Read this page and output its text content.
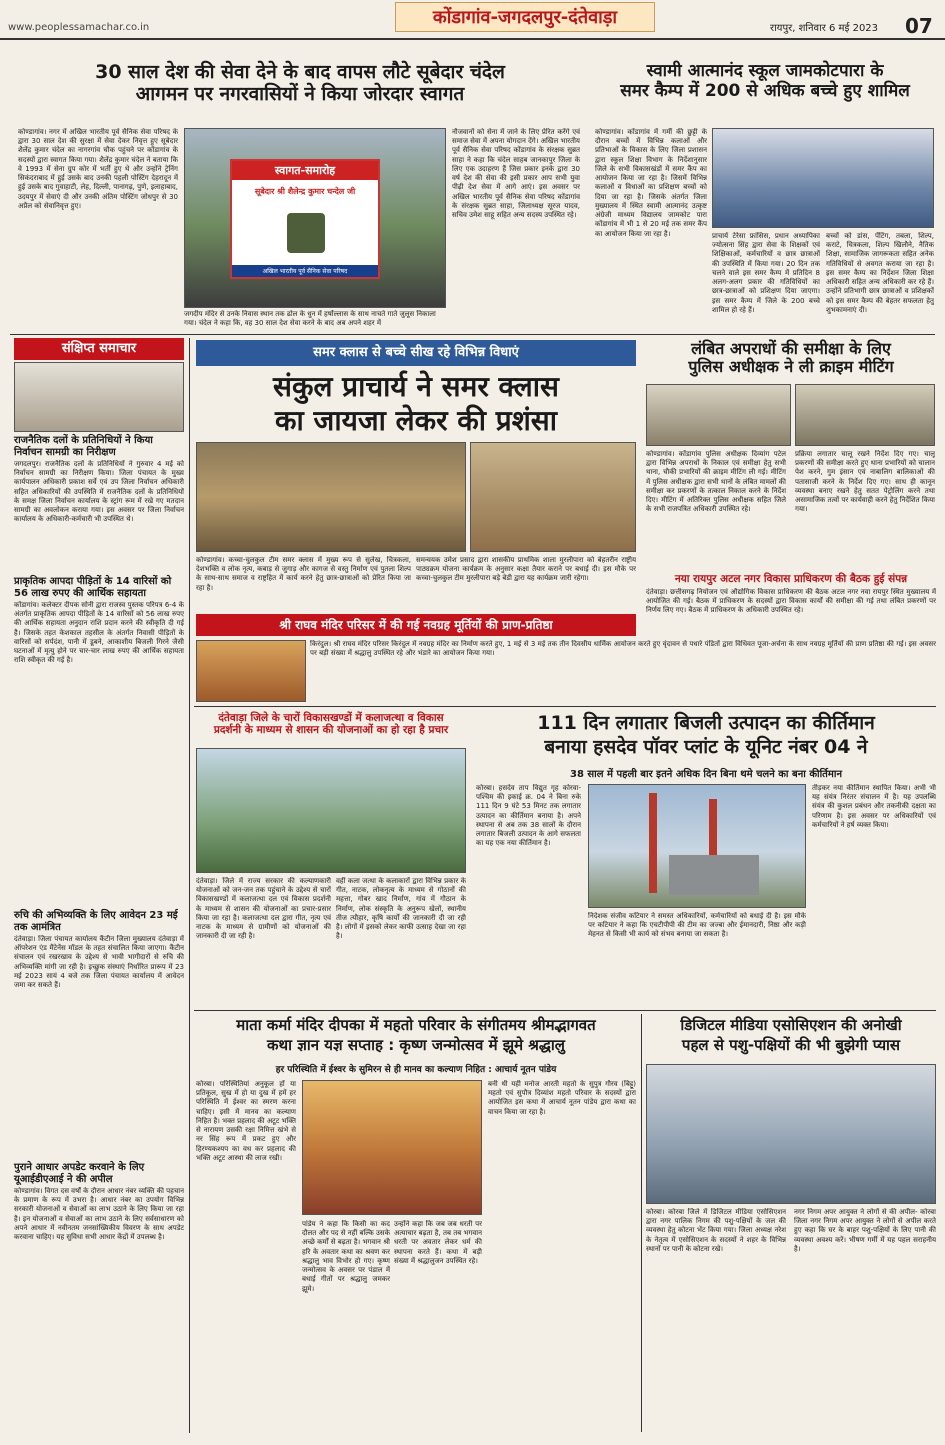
www.peoplessamachar.co.in	कोंडागांव-जगदलपुर-दंतेवाड़ा
रायपुर, शनिवार 6 मई 2023 07
30 साल देश की सेवा देने के बाद वापस लौटे सूबेदार चंदेल
आगमन पर नगरवासियों ने किया जोरदार स्वागत
कोण्डागांव। नगर में अखिल भारतीय पूर्व सैनिक सेवा परिषद के द्वारा 30 साल देश की सुरक्षा में सेवा देकर निवृत्त हुए सूबेदार शैलेंद्र कुमार चंदेल का नागरगांव चौक पहुंचने पर कोंडागांव के सदस्यों द्वारा स्वागत किया गया। शैलेंद्र कुमार चंदेल ने बताया कि वे 1993 में सेना ग्रुप कोर में भर्ती हुए थे और उन्होंने ट्रेनिंग सिकंदराबाद में हुई उसके बाद उनकी पहली पोस्टिंग देहरादून में हुई उसके बाद गुवाहाटी, लेह, दिल्ली, पानागढ़, पुणे, इलाहाबाद, उदयपुर में सेवाएं दी और उनकी अंतिम पोस्टिंग जोधपुर से 30 अप्रैल को सेवानिवृत्त हुए।
स्वागत-समारोह
सूबेदार श्री शैलेन्द्र कुमार चन्देल जी
अखिल भारतीय पूर्व सैनिक सेवा परिषद
जगदीप मंदिर से उनके निवास स्थान तक ढोल के धुन में हर्षोल्लास के साथ नाचते गाते जुलूस निकाला गया। चंदेल ने कहा कि, वह 30 साल देश सेवा करने के बाद अब अपने शहर में
नौजवानों को सेना में जाने के लिए प्रेरित करेंगे एवं समाज सेवा में अपना योगदान देंगे। अखिल भारतीय पूर्व सैनिक सेवा परिषद कोंडागांव के संरक्षक सुब्रत साहा ने कहा कि चंदेल साहब जानकापुर जिला के लिए एक उदाहरण हैं जिस प्रकार इनके द्वारा 30 वर्ष देश की सेवा की इसी प्रकार आप सभी युवा पीढ़ी देश सेवा में आगे आएं। इस अवसर पर अखिल भारतीय पूर्व सैनिक सेवा परिषद कोंडागांव के संरक्षक सुब्रत साहा, जिलाध्यक्ष सूरज यादव, सचिव उमेश साहू सहित अन्य सदस्य उपस्थित रहे।
स्वामी आत्मानंद स्कूल जामकोटपारा के
समर कैम्प में 200 से अधिक बच्चे हुए शामिल
कोण्डागांव। कोंडागांव में गर्मी की छुट्टी के दौरान बच्चों में विभिन्न कलाओं और प्रतिभाओं के विकास के लिए जिला प्रशासन द्वारा स्कूल शिक्षा विभाग के निर्देशानुसार जिले के सभी विकासखंडों में समर कैंप का आयोजन किया जा रहा है। जिसमें विभिन्न कलाओं व विधाओं का प्रशिक्षण बच्चों को दिया जा रहा है। जिसके अंतर्गत जिला मुख्यालय में स्थित स्वामी आत्मानंद उत्कृष्ट अंग्रेजी माध्यम विद्यालय जामकोट पारा कोंडागांव में भी 1 से 20 मई तक समर कैंप का आयोजन किया जा रहा है।	प्राचार्य टेरेसा फ्रांसिस, प्रधान अध्यापिका ज्योत्सना सिंह द्वारा सेवा के शिक्षकों एवं शिक्षिकाओं, कर्मचारियों व छात्र छात्राओं की उपस्थिति में किया गया। 20 दिन तक चलने वाले इस समर कैम्प में प्रतिदिन 8 अलग-अलग प्रकार की गतिविधियों का छात्र-छात्राओं को प्रशिक्षण दिया जाएगा। इस समर कैम्प में जिले के 200 बच्चे शामिल हो रहे हैं।
बच्चों को डांस, पेंटिंग, तबला, शिल्प, कराटे, चित्रकला, शिल्प खिलौने, नैतिक शिक्षा, सामाजिक जागरूकता सहित अनेक गतिविधियों से अवगत कराया जा रहा है। इस समर कैम्प का निर्देशन जिला शिक्षा अधिकारी सहित अन्य अधिकारी कर रहे हैं। उन्होंने प्रतिभागी छात्र छात्राओं व प्रशिक्षकों को इस समर कैम्प की बेहतर सफलता हेतु शुभकामनाएं दी।
संक्षिप्त समाचार
राजनैतिक दलों के प्रतिनिधियों ने किया निर्वाचन सामग्री का निरीक्षण
जगदलपुर। राजनैतिक दलों के प्रतिनिधियों ने गुरुवार 4 मई को निर्वाचन सामग्री का निरीक्षण किया। जिला पंचायत के मुख्य कार्यपालन अधिकारी प्रकाश सर्वे एवं उप जिला निर्वाचन अधिकारी सहित अधिकारियों की उपस्थिति में राजनैतिक दलों के प्रतिनिधियों के समक्ष जिला निर्वाचन कार्यालय के स्ट्रांग रूम में रखे गए मतदान सामग्री का अवलोकन कराया गया। इस अवसर पर जिला निर्वाचन कार्यालय के अधिकारी-कर्मचारी भी उपस्थित थे।
प्राकृतिक आपदा पीड़ितों के 14 वारिसों को 56 लाख रुपए की आर्थिक सहायता
कोंडागांव। कलेक्टर दीपक सोनी द्वारा राजस्व पुस्तक परिपत्र 6-4 के अंतर्गत प्राकृतिक आपदा पीड़ितों के 14 वारिसों को 56 लाख रुपए की आर्थिक सहायता अनुदान राशि प्रदान करने की स्वीकृति दी गई है। जिसके तहत केशकाल तहसील के अंतर्गत निवासी पीड़ितों के वारिसों को सर्पदंश, पानी में डूबने, आकाशीय बिजली गिरने जैसी घटनाओं में मृत्यु होने पर चार-चार लाख रुपए की आर्थिक सहायता राशि स्वीकृत की गई है।
रुचि की अभिव्यक्ति के लिए आवेदन 23 मई तक आमंत्रित
दंतेवाड़ा। जिला पंचायत कार्यालय कैंटीन जिला मुख्यालय दंतेवाड़ा में ऑपरेशन एंड मैंटेनेंस मॉडल के तहत संचालित किया जाएगा। कैंटीन संचालन एवं रखरखाव के उद्देश्य से भावी भागीदारों से रुचि की अभिव्यक्ति मांगी जा रही है। इच्छुक संस्थाएं निर्धारित प्रारूप में 23 मई 2023 सायं 4 बजे तक जिला पंचायत कार्यालय में आवेदन जमा कर सकते हैं।
पुराने आधार अपडेट करवाने के लिए यूआईडीएआई ने की अपील
कोण्डागांव। विगत दस वर्षों के दौरान आधार नंबर व्यक्ति की पहचान के प्रमाण के रूप में उभरा है। आधार नंबर का उपयोग विभिन्न सरकारी योजनाओं व सेवाओं का लाभ उठाने के लिए किया जा रहा है। इन योजनाओं व सेवाओं का लाभ उठाने के लिए सर्वसाधारण को अपने आधार में नवीनतम जनसांख्यिकीय विवरण के साथ अपडेट करवाना चाहिए। यह सुविधा सभी आधार केंद्रों में उपलब्ध है।
समर क्लास से बच्चे सीख रहे विभिन्न विधाएं
संकुल प्राचार्य ने समर क्लास
का जायजा लेकर की प्रशंसा
कोण्डागांव। कच्चा-चुलकुल टीम समर क्लास में मुख्य रूप से सुलेख, चित्रकला, देशभक्ति व लोक नृत्य, कबाड़ से जुगाड़ और कागज से वस्तु निर्माण एवं पुतला शिल्प के साथ-साथ समाज व राष्ट्रहित में कार्य करने हेतु छात्र-छात्राओं को प्रेरित किया जा रहा है।
समन्वयक उमेश प्रसाद द्वारा शासकीय प्राथमिक शाला मुरलीपारा को बेहतरीन राष्ट्रीय पाठ्यक्रम योजना कार्यक्रम के अनुसार कक्षा तैयार कराने पर बधाई दी। इस मौके पर कच्चा-चुलकुल टीम मुरलीपारा बड़े बेडी द्वारा यह कार्यक्रम जारी रहेगा।
लंबित अपराधों की समीक्षा के लिए
पुलिस अधीक्षक ने ली क्राइम मीटिंग
कोण्डागांव। कोंडागांव पुलिस अधीक्षक दिव्यांग पटेल द्वारा विभिन्न अपराधों के निकाल एवं समीक्षा हेतु सभी थाना, चौकी प्रभारियों की क्राइम मीटिंग ली गई। मीटिंग में पुलिस अधीक्षक द्वारा सभी थानों के लंबित मामलों की समीक्षा कर प्रकरणों के तत्काल निकाल करने के निर्देश दिए। मीटिंग में अतिरिक्त पुलिस अधीक्षक सहित जिले के सभी राजपत्रित अधिकारी उपस्थित रहे।
प्रक्रिया लगातार चालू रखने निर्देश दिए गए। चालू प्रकरणों की समीक्षा करते हुए थाना प्रभारियों को चालान पेश करने, गुम इंसान एवं नाबालिग बालिकाओं की पतासाजी करने के निर्देश दिए गए। साथ ही कानून व्यवस्था बनाए रखने हेतु सतत पेट्रोलिंग करने तथा असामाजिक तत्वों पर कार्यवाही करने हेतु निर्देशित किया गया।
नया रायपुर अटल नगर विकास प्राधिकरण की बैठक हुई संपन्न
दंतेवाड़ा। छत्तीसगढ़ नियोजन एवं औद्योगिक विकास प्राधिकरण की बैठक अटल नगर नवा रायपुर स्थित मुख्यालय में आयोजित की गई। बैठक में प्राधिकरण के सदस्यों द्वारा विकास कार्यों की समीक्षा की गई तथा लंबित प्रकरणों पर निर्णय लिए गए। बैठक में प्राधिकरण के अधिकारी उपस्थित रहे।
श्री राघव मंदिर परिसर में की गई नवग्रह मूर्तियों की प्राण-प्रतिष्ठा
किरंदुल। श्री राघव मंदिर परिसर किरंदुल में नवग्रह मंदिर का निर्माण करते हुए, 1 मई से 3 मई तक तीन दिवसीय धार्मिक आयोजन करते हुए वृंदावन से पधारे पंडितों द्वारा विधिवत पूजा-अर्चना के साथ नवग्रह मूर्तियों की प्राण प्रतिष्ठा की गई। इस अवसर पर बड़ी संख्या में श्रद्धालु उपस्थित रहे और भंडारे का आयोजन किया गया।
दंतेवाड़ा जिले के चारों विकासखण्डों में कलाजत्था व विकास
प्रदर्शनी के माध्यम से शासन की योजनाओं का हो रहा है प्रचार
दंतेवाड़ा। जिले में राज्य सरकार की कल्याणकारी योजनाओं को जन-जन तक पहुंचाने के उद्देश्य से चारों विकासखण्डों में कलाजत्था दल एवं विकास प्रदर्शनी के माध्यम से शासन की योजनाओं का प्रचार-प्रसार किया जा रहा है। कलाजत्था दल द्वारा गीत, नृत्य एवं नाटक के माध्यम से ग्रामीणों को योजनाओं की जानकारी दी जा रही है।
वहीं कला जत्था के कलाकारों द्वारा विभिन्न प्रकार के गीत, नाटक, लोकनृत्य के माध्यम से गोठानों की महत्ता, गोबर खाद निर्माण, गांव में गौठान के निर्माण, लोक संस्कृति के अनुरूप खेलों, स्थानीय तीज त्यौहार, कृषि कार्यों की जानकारी दी जा रही है। लोगों में इसको लेकर काफी उत्साह देखा जा रहा है।
111 दिन लगातार बिजली उत्पादन का कीर्तिमान
बनाया हसदेव पॉवर प्लांट के यूनिट नंबर 04 ने
38 साल में पहली बार इतने अधिक दिन बिना थमे चलने का बना कीर्तिमान
कोरबा। हसदेव ताप विद्युत गृह कोरवा-पश्चिम की इकाई क्र. 04 ने बिना रुके 111 दिन 9 घंटे 53 मिनट तक लगातार उत्पादन का कीर्तिमान बनाया है। अपने स्थापना से अब तक 38 सालों के दौरान लगातार बिजली उत्पादन के आगे सफलता का यह एक नया कीर्तिमान है।
निदेशक संजीव कटियार ने समस्त अधिकारियों, कर्मचारियों को बधाई दी है। इस मौके पर कटियार ने कहा कि एचटीपीपी की टीम का जज्बा और ईमानदारी, निष्ठा और कड़ी मेहनत से किसी भी कार्य को संभव बनाया जा सकता है।
तीड़कर नया कीर्तिमान स्थापित किया। अभी भी यह संयंत्र निरंतर संचालन में है। यह उपलब्धि संयंत्र की कुशल प्रबंधन और तकनीकी दक्षता का परिणाम है। इस अवसर पर अधिकारियों एवं कर्मचारियों ने हर्ष व्यक्त किया।
माता कर्मा मंदिर दीपका में महतो परिवार के संगीतमय श्रीमद्भागवत
कथा ज्ञान यज्ञ सप्ताह : कृष्ण जन्मोत्सव में झूमे श्रद्धालु
हर परिस्थिति में ईश्वर के सुमिरन से ही मानव का कल्याण निहित : आचार्य नूतन पांडेय
कोरबा। परिस्थितियां अनुकूल हों या प्रतिकूल, सुख में हो या दुख में हमें हर परिस्थिति में ईश्वर का स्मरण करना चाहिए। इसी में मानव का कल्याण निहित है। भक्त प्रहलाद की अटूट भक्ति से नारायण उसकी रक्षा निमित्त खंभे से नर सिंह रूप में प्रकट हुए और हिरण्यकश्यप का वध कर प्रहलाद की भक्ति अटूट आस्था की लाज रखी।
पांडेय ने कहा कि किसी का कद दौलत और पद से नहीं बल्कि उसके अच्छे कर्मों से बढ़ता है। भगवान श्री हरि के अवतार कथा का श्रवण कर श्रद्धालु भाव विभोर हो गए। कृष्ण जन्मोत्सव के अवसर पर पंडाल में बधाई गीतों पर श्रद्धालु जमकर झूमे।
उन्होंने कहा कि जब जब धरती पर अत्याचार बढ़ता है, तब तब भगवान धरती पर अवतार लेकर धर्म की स्थापना करते हैं। कथा में बड़ी संख्या में श्रद्धालुजन उपस्थित रहे।
बनी थी यही मनोज आरती महतो के सुपुत्र गौरव (बिट्टू) महतो एवं सुपौत्र दिव्यांश महतो परिवार के सदस्यों द्वारा आयोजित इस कथा में आचार्य नूतन पांडेय द्वारा कथा का वाचन किया जा रहा है।
डिजिटल मीडिया एसोसिएशन की अनोखी
पहल से पशु-पक्षियों की भी बुझेगी प्यास
कोरबा। कोरबा जिले में डिजिटल मीडिया एसोसिएशन द्वारा नगर पालिक निगम की पशु-पक्षियों के जल की व्यवस्था हेतु कोटना भेंट किया गया। जिला अध्यक्ष नरेश के नेतृत्व में एसोसिएशन के सदस्यों ने शहर के विभिन्न स्थानों पर पानी के कोटना रखे।
नगर निगम अपर आयुक्त ने लोगों से की अपील- कोरबा जिला नगर निगम अपर आयुक्त ने लोगों से अपील करते हुए कहा कि घर के बाहर पशु-पक्षियों के लिए पानी की व्यवस्था अवश्य करें। भीषण गर्मी में यह पहल सराहनीय है।
